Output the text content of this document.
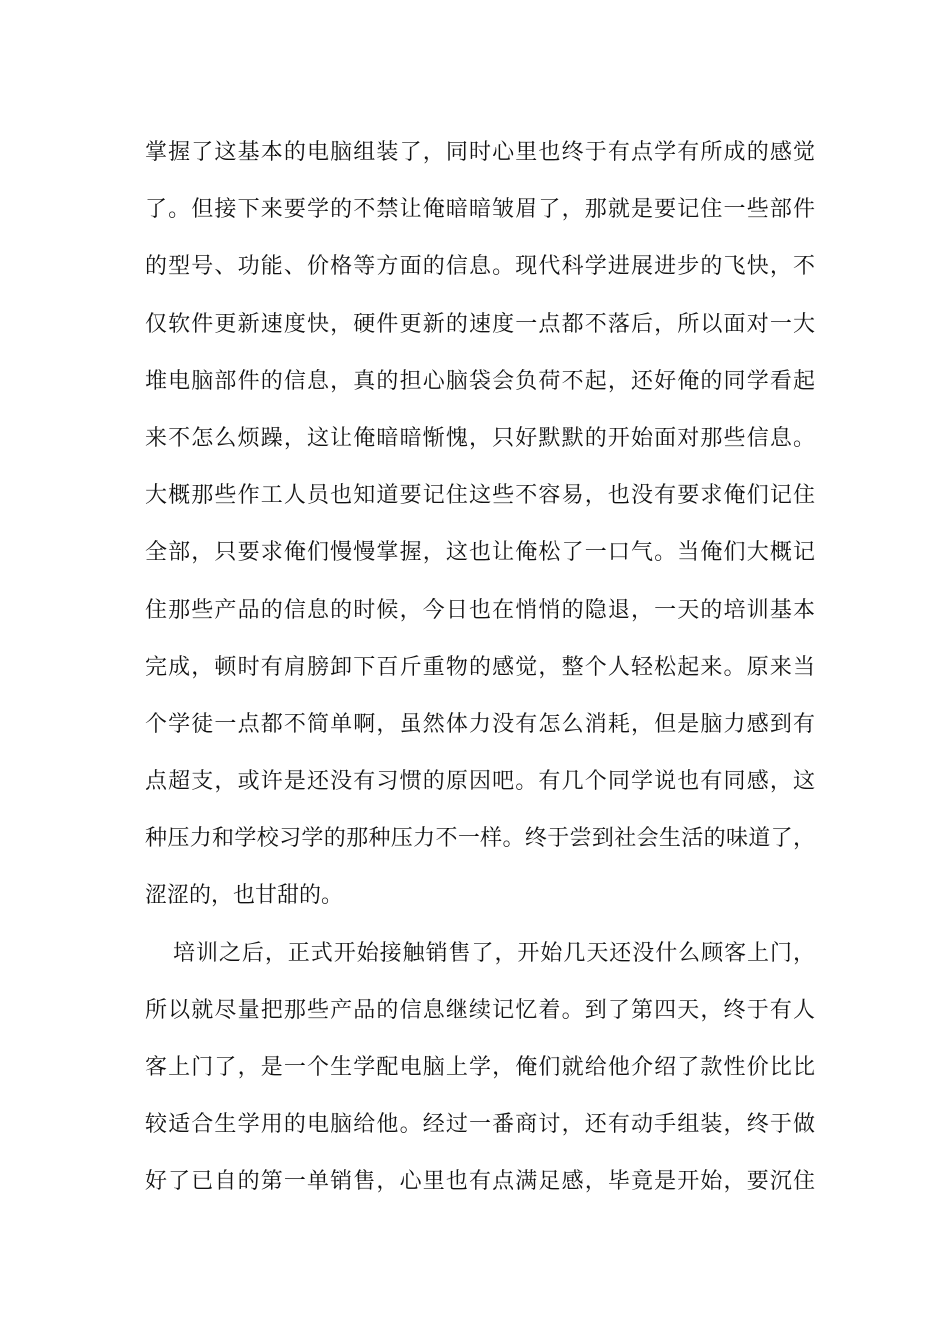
掌握了这基本的电脑组装了，同时心里也终于有点学有所成的感觉
了。但接下来要学的不禁让俺暗暗皱眉了，那就是要记住一些部件
的型号、功能、价格等方面的信息。现代科学进展进步的飞快，不
仅软件更新速度快，硬件更新的速度一点都不落后，所以面对一大
堆电脑部件的信息，真的担心脑袋会负荷不起，还好俺的同学看起
来不怎么烦躁，这让俺暗暗惭愧，只好默默的开始面对那些信息。
大概那些作工人员也知道要记住这些不容易，也没有要求俺们记住
全部，只要求俺们慢慢掌握，这也让俺松了一口气。当俺们大概记
住那些产品的信息的时候，今日也在悄悄的隐退，一天的培训基本
完成，顿时有肩膀卸下百斤重物的感觉，整个人轻松起来。原来当
个学徒一点都不简单啊，虽然体力没有怎么消耗，但是脑力感到有
点超支，或许是还没有习惯的原因吧。有几个同学说也有同感，这
种压力和学校习学的那种压力不一样。终于尝到社会生活的味道了，
涩涩的，也甘甜的。
培训之后，正式开始接触销售了，开始几天还没什么顾客上门，
所以就尽量把那些产品的信息继续记忆着。到了第四天，终于有人
客上门了，是一个生学配电脑上学，俺们就给他介绍了款性价比比
较适合生学用的电脑给他。经过一番商讨，还有动手组装，终于做
好了已自的第一单销售，心里也有点满足感，毕竟是开始，要沉住
